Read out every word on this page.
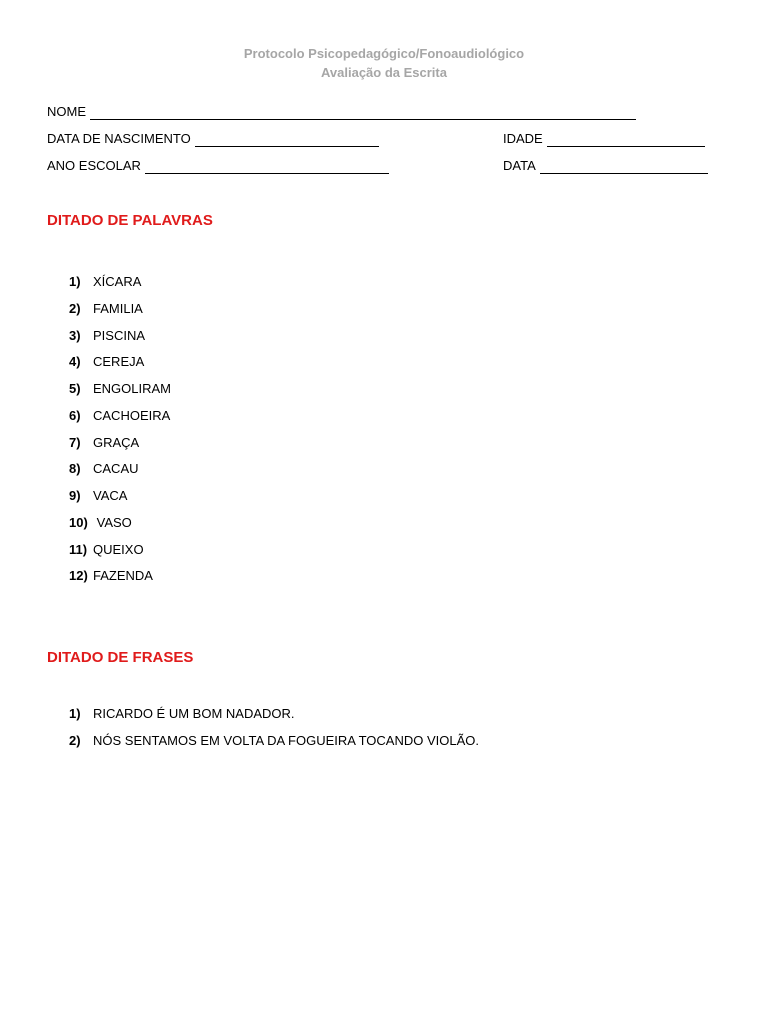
Protocolo Psicopedagógico/Fonoaudiológico
Avaliação da Escrita
NOME
DATA DE NASCIMENTO	IDADE
ANO ESCOLAR	DATA
DITADO DE PALAVRAS
1) XÍCARA
2) FAMILIA
3) PISCINA
4) CEREJA
5) ENGOLIRAM
6) CACHOEIRA
7) GRAÇA
8) CACAU
9) VACA
10) VASO
11) QUEIXO
12) FAZENDA
DITADO DE FRASES
1) RICARDO É UM BOM NADADOR.
2) NÓS SENTAMOS EM VOLTA DA FOGUEIRA TOCANDO VIOLÃO.
